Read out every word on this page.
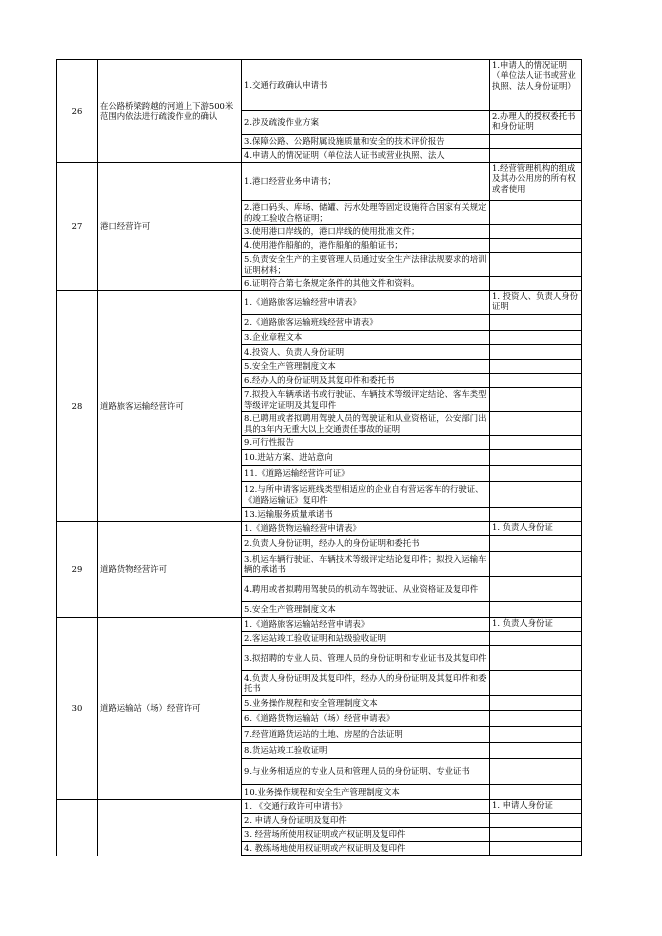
26	在公路桥梁跨越的河道上下游500米范围内依法进行疏浚作业的确认	1.交通行政确认申请书	1.申请人的情况证明（单位法人证书或营业执照、法人身份证明）
		2.涉及疏浚作业方案	2.办理人的授权委托书和身份证明
		3.保障公路、公路附属设施质量和安全的技术评价报告	
		4.申请人的情况证明（单位法人证书或营业执照、法人	
27	港口经营许可	1.港口经营业务申请书；	1.经营管理机构的组成及其办公用房的所有权或者使用
		2.港口码头、库场、储罐、污水处理等固定设施符合国家有关规定的竣工验收合格证明；	
		3.使用港口岸线的，港口岸线的使用批准文件；	
		4.使用港作船舶的，港作船舶的船舶证书；	
		5.负责安全生产的主要管理人员通过安全生产法律法规要求的培训证明材料；	
		6.证明符合第七条规定条件的其他文件和资料。	
28	道路旅客运输经营许可	1.《道路旅客运输经营申请表》	1. 投资人、负责人身份证明
		2.《道路旅客运输班线经营申请表》	
		3.企业章程文本	
		4.投资人、负责人身份证明	
		5.安全生产管理制度文本	
		6.经办人的身份证明及其复印件和委托书	
		7.拟投入车辆承诺书或行驶证、车辆技术等级评定结论、客车类型等级评定证明及其复印件	
		8.已聘用或者拟聘用驾驶人员的驾驶证和从业资格证，公安部门出具的3年内无重大以上交通责任事故的证明	
		9.可行性报告	
		10.进站方案、进站意向	
		11.《道路运输经营许可证》	
		12.与所申请客运班线类型相适应的企业自有营运客车的行驶证、《道路运输证》复印件	
		13.运输服务质量承诺书	
29	道路货物经营许可	1.《道路货物运输经营申请表》	1. 负责人身份证
		2.负责人身份证明，经办人的身份证明和委托书	
		3.机运车辆行驶证、车辆技术等级评定结论复印件；拟投入运输车辆的承诺书	
		4.聘用或者拟聘用驾驶员的机动车驾驶证、从业资格证及复印件	
		5.安全生产管理制度文本	
30	道路运输站（场）经营许可	1.《道路旅客运输站经营申请表》	1. 负责人身份证
		2.客运站竣工验收证明和站级验收证明	
		3.拟招聘的专业人员、管理人员的身份证明和专业证书及其复印件	
		4.负责人身份证明及其复印件，经办人的身份证明及其复印件和委托书	
		5.业务操作规程和安全管理制度文本	
		6.《道路货物运输站（场）经营申请表》	
		7.经营道路货运站的土地、房屋的合法证明	
		8.货运站竣工验收证明	
		9.与业务相适应的专业人员和管理人员的身份证明、专业证书	
		10.业务操作规程和安全生产管理制度文本	
		1. 《交通行政许可申请书》	1. 申请人身份证
		2. 申请人身份证明及复印件	
		3. 经营场所使用权证明或产权证明及复印件	
		4. 教练场地使用权证明或产权证明及复印件	
